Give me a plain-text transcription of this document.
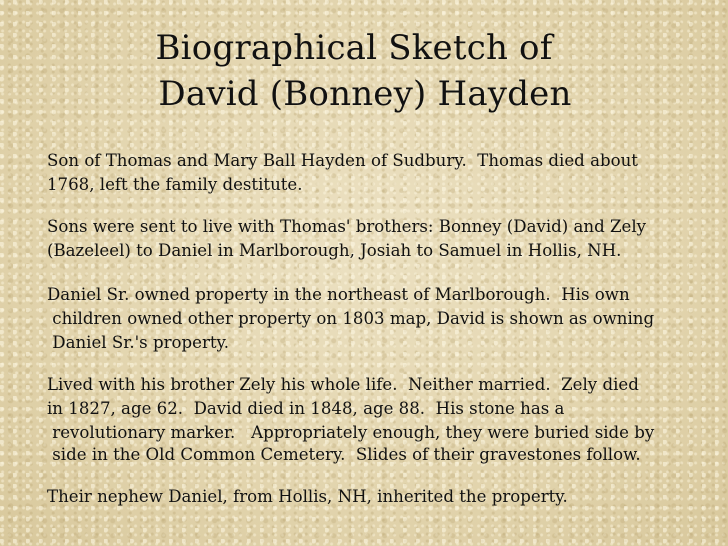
Biographical Sketch of
David (Bonney) Hayden

Son of Thomas and Mary Ball Hayden of Sudbury.  Thomas died about

1768, left the family destitute.

Sons were sent to live with Thomas' brothers: Bonney (David) and Zely

(Bazeleel) to Daniel in Marlborough, Josiah to Samuel in Hollis, NH.

Daniel Sr. owned property in the northeast of Marlborough.  His own

children owned other property on 1803 map, David is shown as owning

Daniel Sr.'s property.

Lived with his brother Zely his whole life.  Neither married.  Zely died

in 1827, age 62.  David died in 1848, age 88.  His stone has a

revolutionary marker.   Appropriately enough, they were buried side by

side in the Old Common Cemetery.  Slides of their gravestones follow.

Their nephew Daniel, from Hollis, NH, inherited the property.
